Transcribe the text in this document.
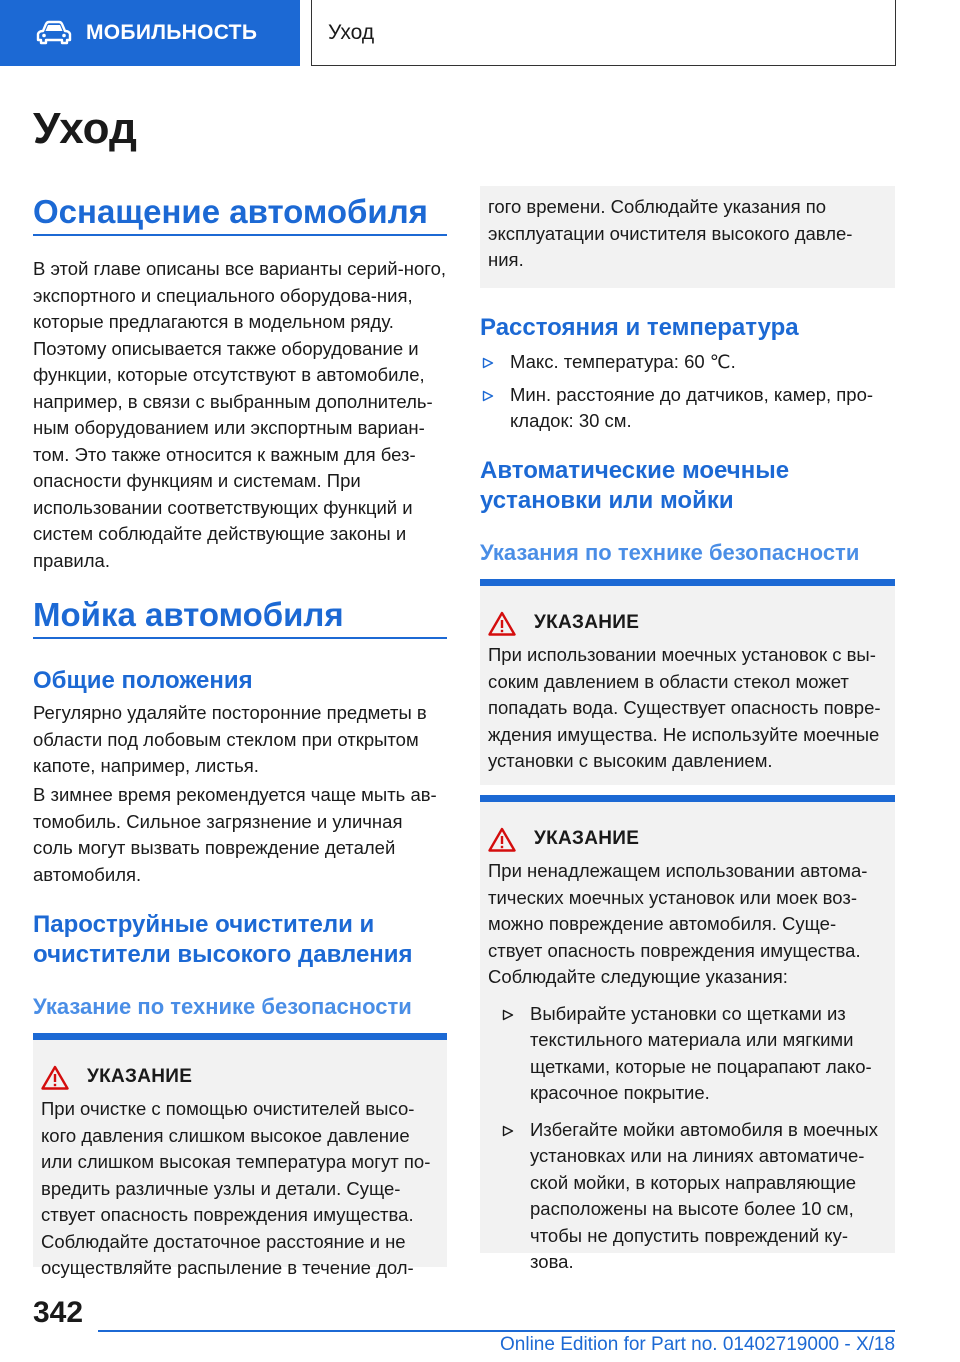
МОБИЛЬНОСТЬ	Уход
Уход
Оснащение автомобиля

В этой главе описаны все варианты серий-ного, экспортного и специального оборудова-ния, которые предлагаются в модельном ряду. Поэтому описывается также оборудование и функции, которые отсутствуют в автомобиле, например, в связи с выбранным дополнитель-ным оборудованием или экспортным вариан-том. Это также относится к важным для без-опасности функциям и системам. При использовании соответствующих функций и систем соблюдайте действующие законы и правила.

Мойка автомобиля
Общие положения

Регулярно удаляйте посторонние предметы в области под лобовым стеклом при открытом капоте, например, листья.

В зимнее время рекомендуется чаще мыть ав-томобиль. Сильное загрязнение и уличная соль могут вызвать повреждение деталей автомобиля.

Пароструйные очистители и очистители высокого давления
Указание по технике безопасности
УКАЗАНИЕ
При очистке с помощью очистителей высо-кого давления слишком высокое давление или слишком высокая температура могут по-вредить различные узлы и детали. Суще-ствует опасность повреждения имущества. Соблюдайте достаточное расстояние и не осуществляйте распыление в течение дол-
гого времени. Соблюдайте указания по эксплуатации очистителя высокого давле-ния.
Расстояния и температура
Макс. температура: 60 ℃.
Мин. расстояние до датчиков, камер, про-кладок: 30 см.
Автоматические моечные установки или мойки
Указания по технике безопасности
УКАЗАНИЕ
При использовании моечных установок с вы-соким давлением в области стекол может попадать вода. Существует опасность повре-ждения имущества. Не используйте моечные установки с высоким давлением.
УКАЗАНИЕ
При ненадлежащем использовании автома-тических моечных установок или моек воз-можно повреждение автомобиля. Суще-ствует опасность повреждения имущества. Соблюдайте следующие указания:
Выбирайте установки со щетками из текстильного материала или мягкими щетками, которые не поцарапают лако-красочное покрытие.
Избегайте мойки автомобиля в моечных установках или на линиях автоматиче-ской мойки, в которых направляющие расположены на высоте более 10 см, чтобы не допустить повреждений ку-зова.
342
Online Edition for Part no. 01402719000 - X/18
